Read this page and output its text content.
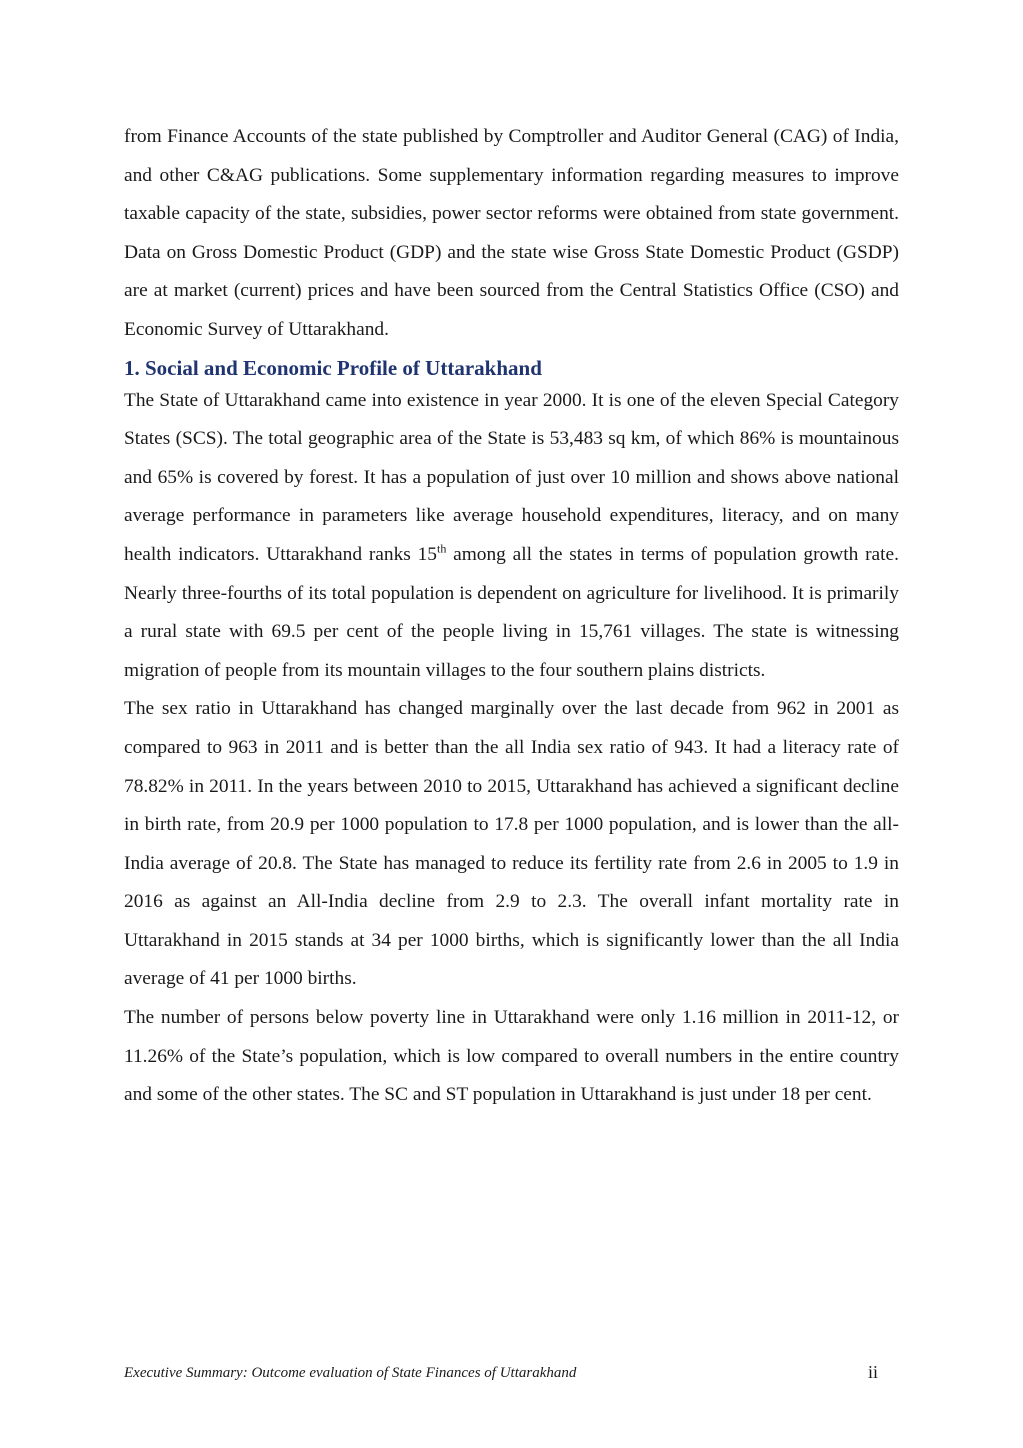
from Finance Accounts of the state published by Comptroller and Auditor General (CAG) of India, and other C&AG publications. Some supplementary information regarding measures to improve taxable capacity of the state, subsidies, power sector reforms were obtained from state government. Data on Gross Domestic Product (GDP) and the state wise Gross State Domestic Product (GSDP) are at market (current) prices and have been sourced from the Central Statistics Office (CSO) and Economic Survey of Uttarakhand.

1. Social and Economic Profile of Uttarakhand

The State of Uttarakhand came into existence in year 2000. It is one of the eleven Special Category States (SCS). The total geographic area of the State is 53,483 sq km, of which 86% is mountainous and 65% is covered by forest. It has a population of just over 10 million and shows above national average performance in parameters like average household expenditures, literacy, and on many health indicators. Uttarakhand ranks 15th among all the states in terms of population growth rate. Nearly three-fourths of its total population is dependent on agriculture for livelihood. It is primarily a rural state with 69.5 per cent of the people living in 15,761 villages. The state is witnessing migration of people from its mountain villages to the four southern plains districts.

The sex ratio in Uttarakhand has changed marginally over the last decade from 962 in 2001 as compared to 963 in 2011 and is better than the all India sex ratio of 943. It had a literacy rate of 78.82% in 2011. In the years between 2010 to 2015, Uttarakhand has achieved a significant decline in birth rate, from 20.9 per 1000 population to 17.8 per 1000 population, and is lower than the all-India average of 20.8. The State has managed to reduce its fertility rate from 2.6 in 2005 to 1.9 in 2016 as against an All-India decline from 2.9 to 2.3. The overall infant mortality rate in Uttarakhand in 2015 stands at 34 per 1000 births, which is significantly lower than the all India average of 41 per 1000 births.

The number of persons below poverty line in Uttarakhand were only 1.16 million in 2011-12, or 11.26% of the State’s population, which is low compared to overall numbers in the entire country and some of the other states. The SC and ST population in Uttarakhand is just under 18 per cent.

Executive Summary: Outcome evaluation of State Finances of Uttarakhand	ii
